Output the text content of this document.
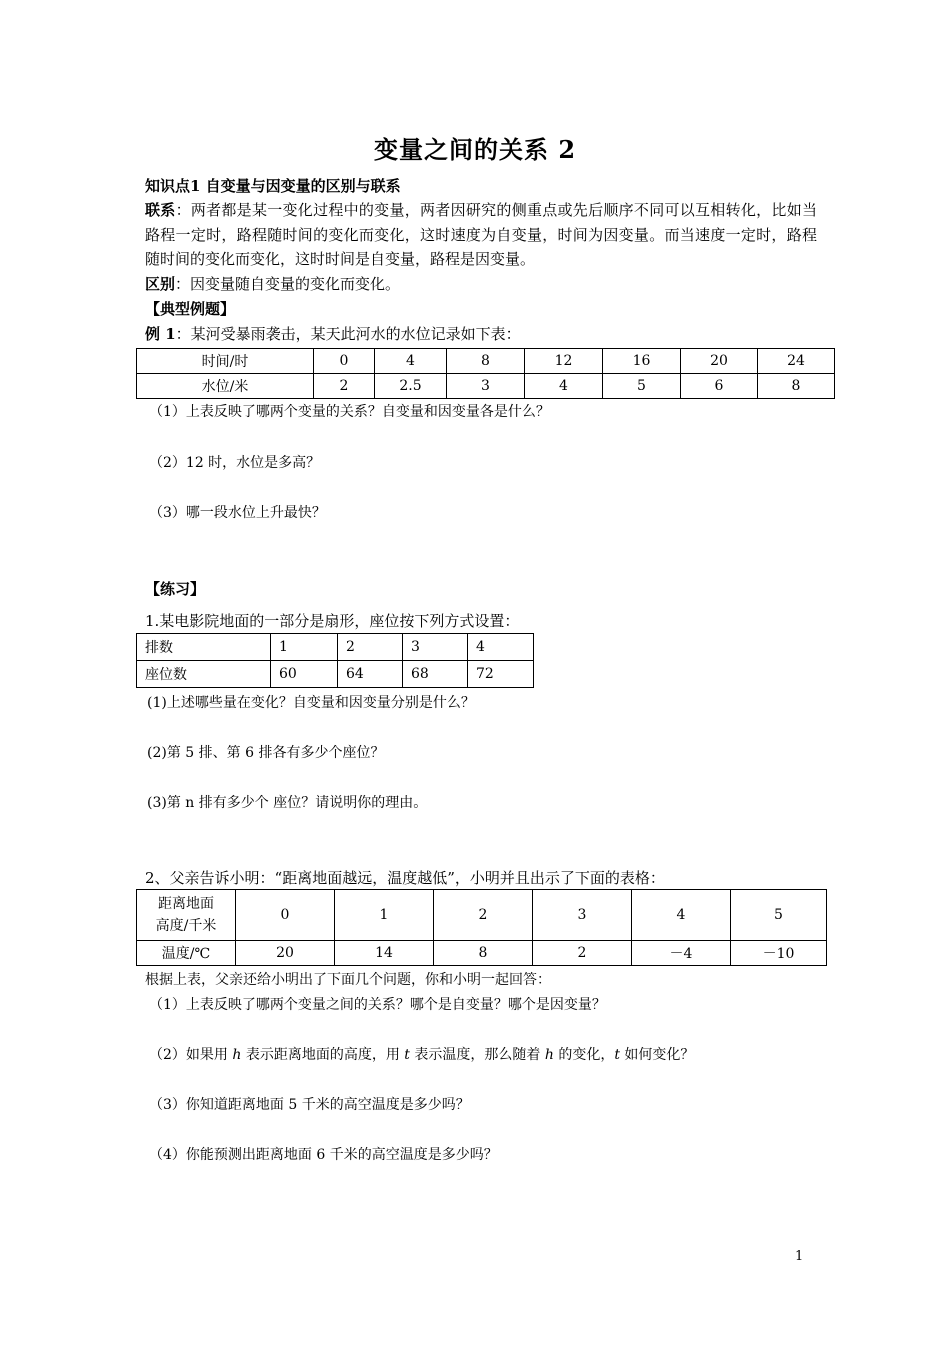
变量之间的关系 2
知识点1 自变量与因变量的区别与联系
联系：两者都是某一变化过程中的变量，两者因研究的侧重点或先后顺序不同可以互相转化，比如当路程一定时，路程随时间的变化而变化，这时速度为自变量，时间为因变量。而当速度一定时，路程随时间的变化而变化，这时时间是自变量，路程是因变量。
区别：因变量随自变量的变化而变化。
【典型例题】
例 1：某河受暴雨袭击，某天此河水的水位记录如下表：
时间/时	0	4	8	12	16	20	24
水位/米	2	2.5	3	4	5	6	8
（1）上表反映了哪两个变量的关系？自变量和因变量各是什么？
（2）12 时，水位是多高？
（3）哪一段水位上升最快？
【练习】
1.某电影院地面的一部分是扇形，座位按下列方式设置：
排数	1	2	3	4
座位数	60	64	68	72
(1)上述哪些量在变化？自变量和因变量分别是什么？
(2)第 5 排、第 6 排各有多少个座位？
(3)第 n 排有多少个 座位？请说明你的理由。
2、父亲告诉小明：“距离地面越远，温度越低”，小明并且出示了下面的表格：
距离地面
高度/千米	0	1	2	3	4	5
温度/℃	20	14	8	2	－4	－10
根据上表，父亲还给小明出了下面几个问题，你和小明一起回答：
（1）上表反映了哪两个变量之间的关系？哪个是自变量？哪个是因变量？
（2）如果用 h 表示距离地面的高度，用 t 表示温度，那么随着 h 的变化，t 如何变化？
（3）你知道距离地面 5 千米的高空温度是多少吗？
（4）你能预测出距离地面 6 千米的高空温度是多少吗？
1
